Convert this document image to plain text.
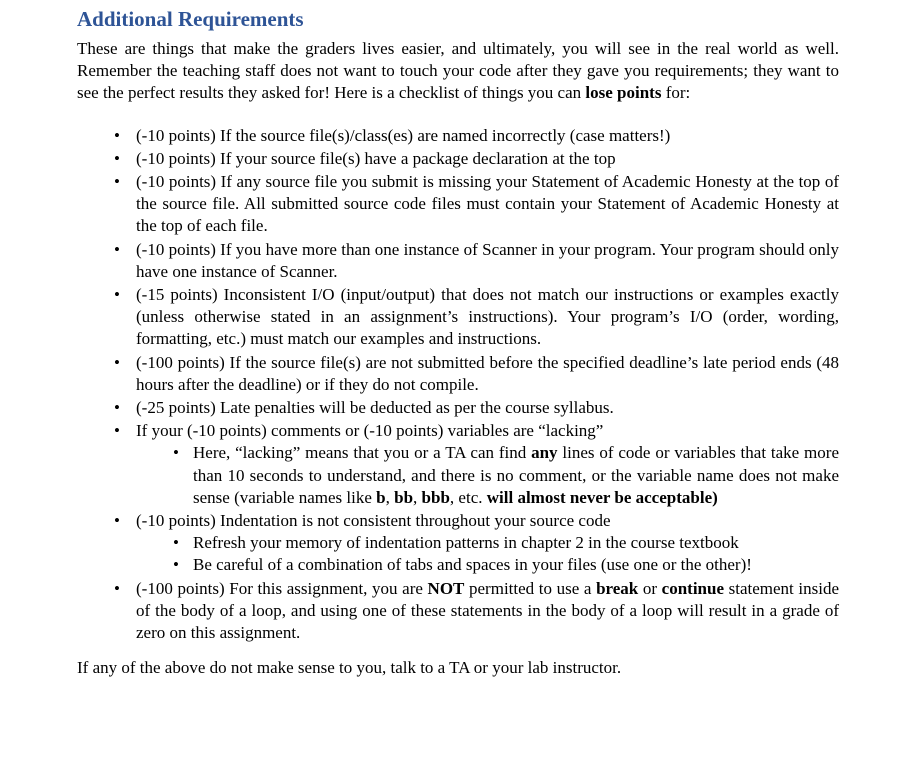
Additional Requirements

These are things that make the graders lives easier, and ultimately, you will see in the real world as well. Remember the teaching staff does not want to touch your code after they gave you requirements; they want to see the perfect results they asked for! Here is a checklist of things you can lose points for:

• (-10 points) If the source file(s)/class(es) are named incorrectly (case matters!)
• (-10 points) If your source file(s) have a package declaration at the top
• (-10 points) If any source file you submit is missing your Statement of Academic Honesty at the top of the source file. All submitted source code files must contain your Statement of Academic Honesty at the top of each file.
• (-10 points) If you have more than one instance of Scanner in your program. Your program should only have one instance of Scanner.
• (-15 points) Inconsistent I/O (input/output) that does not match our instructions or examples exactly (unless otherwise stated in an assignment’s instructions). Your program’s I/O (order, wording, formatting, etc.) must match our examples and instructions.
• (-100 points) If the source file(s) are not submitted before the specified deadline’s late period ends (48 hours after the deadline) or if they do not compile.
• (-25 points) Late penalties will be deducted as per the course syllabus.
• If your (-10 points) comments or (-10 points) variables are “lacking”
• Here, “lacking” means that you or a TA can find any lines of code or variables that take more than 10 seconds to understand, and there is no comment, or the variable name does not make sense (variable names like b, bb, bbb, etc. will almost never be acceptable)
• (-10 points) Indentation is not consistent throughout your source code
• Refresh your memory of indentation patterns in chapter 2 in the course textbook
• Be careful of a combination of tabs and spaces in your files (use one or the other)!
• (-100 points) For this assignment, you are NOT permitted to use a break or continue statement inside of the body of a loop, and using one of these statements in the body of a loop will result in a grade of zero on this assignment.

If any of the above do not make sense to you, talk to a TA or your lab instructor.
